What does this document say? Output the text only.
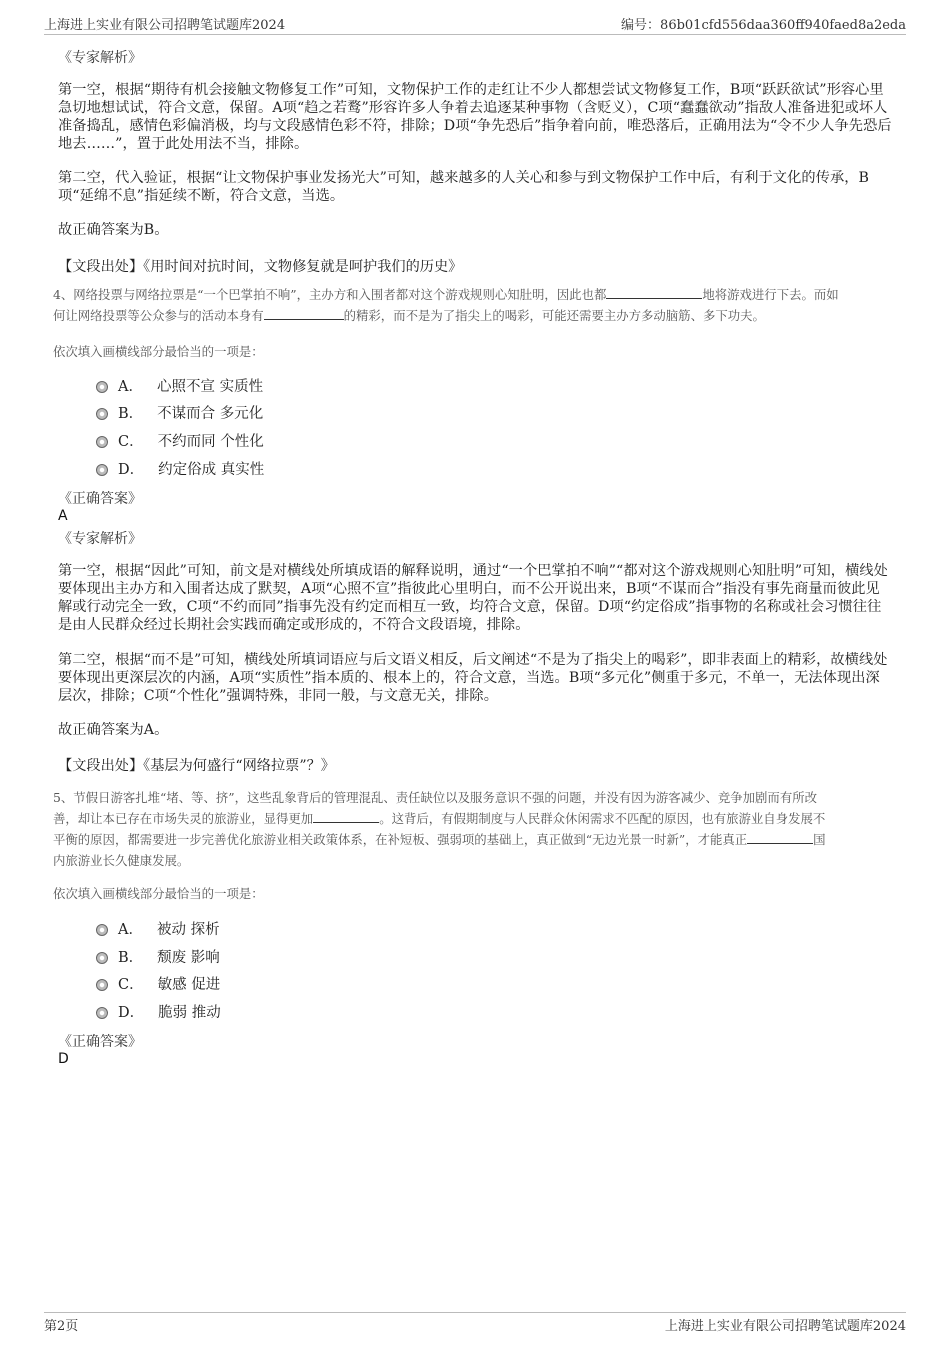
上海进上实业有限公司招聘笔试题库2024	编号：86b01cfd556daa360ff940faed8a2eda
《专家解析》
第一空，根据“期待有机会接触文物修复工作”可知，文物保护工作的走红让不少人都想尝试文物修复工作，B项“跃跃欲试”形容心里急切地想试试，符合文意，保留。A项“趋之若鹜”形容许多人争着去追逐某种事物（含贬义），C项“蠢蠢欲动”指敌人准备进犯或坏人准备捣乱，感情色彩偏消极，均与文段感情色彩不符，排除；D项“争先恐后”指争着向前，唯恐落后，正确用法为“令不少人争先恐后地去……”，置于此处用法不当，排除。
第二空，代入验证，根据“让文物保护事业发扬光大”可知，越来越多的人关心和参与到文物保护工作中后，有利于文化的传承，B项“延绵不息”指延续不断，符合文意，当选。
故正确答案为B。
【文段出处】《用时间对抗时间，文物修复就是呵护我们的历史》
4、网络投票与网络拉票是“一个巴掌拍不响”，主办方和入围者都对这个游戏规则心知肚明，因此也都	地将游戏进行下去。而如
何让网络投票等公众参与的活动本身有	的精彩，而不是为了指尖上的喝彩，可能还需要主办方多动脑筋、多下功夫。
依次填入画横线部分最恰当的一项是：
A． 心照不宣 实质性
B． 不谋而合 多元化
C． 不约而同 个性化
D． 约定俗成 真实性
《正确答案》
A
《专家解析》
第一空，根据“因此”可知，前文是对横线处所填成语的解释说明，通过“一个巴掌拍不响”“都对这个游戏规则心知肚明”可知，横线处要体现出主办方和入围者达成了默契，A项“心照不宣”指彼此心里明白，而不公开说出来，B项“不谋而合”指没有事先商量而彼此见解或行动完全一致，C项“不约而同”指事先没有约定而相互一致，均符合文意，保留。D项“约定俗成”指事物的名称或社会习惯往往是由人民群众经过长期社会实践而确定或形成的，不符合文段语境，排除。
第二空，根据“而不是”可知，横线处所填词语应与后文语义相反，后文阐述“不是为了指尖上的喝彩”，即非表面上的精彩，故横线处要体现出更深层次的内涵，A项“实质性”指本质的、根本上的，符合文意，当选。B项“多元化”侧重于多元，不单一，无法体现出深层次，排除；C项“个性化”强调特殊，非同一般，与文意无关，排除。
故正确答案为A。
【文段出处】《基层为何盛行“网络拉票”？》
5、节假日游客扎堆“堵、等、挤”，这些乱象背后的管理混乱、责任缺位以及服务意识不强的问题，并没有因为游客减少、竞争加剧而有所改
善，却让本已存在市场失灵的旅游业，显得更加	。这背后，有假期制度与人民群众休闲需求不匹配的原因，也有旅游业自身发展不
平衡的原因，都需要进一步完善优化旅游业相关政策体系，在补短板、强弱项的基础上，真正做到“无边光景一时新”，才能真正	国
内旅游业长久健康发展。
依次填入画横线部分最恰当的一项是：
A． 被动 探析
B． 颓废 影响
C． 敏感 促进
D． 脆弱 推动
《正确答案》
D
第2页	上海进上实业有限公司招聘笔试题库2024
